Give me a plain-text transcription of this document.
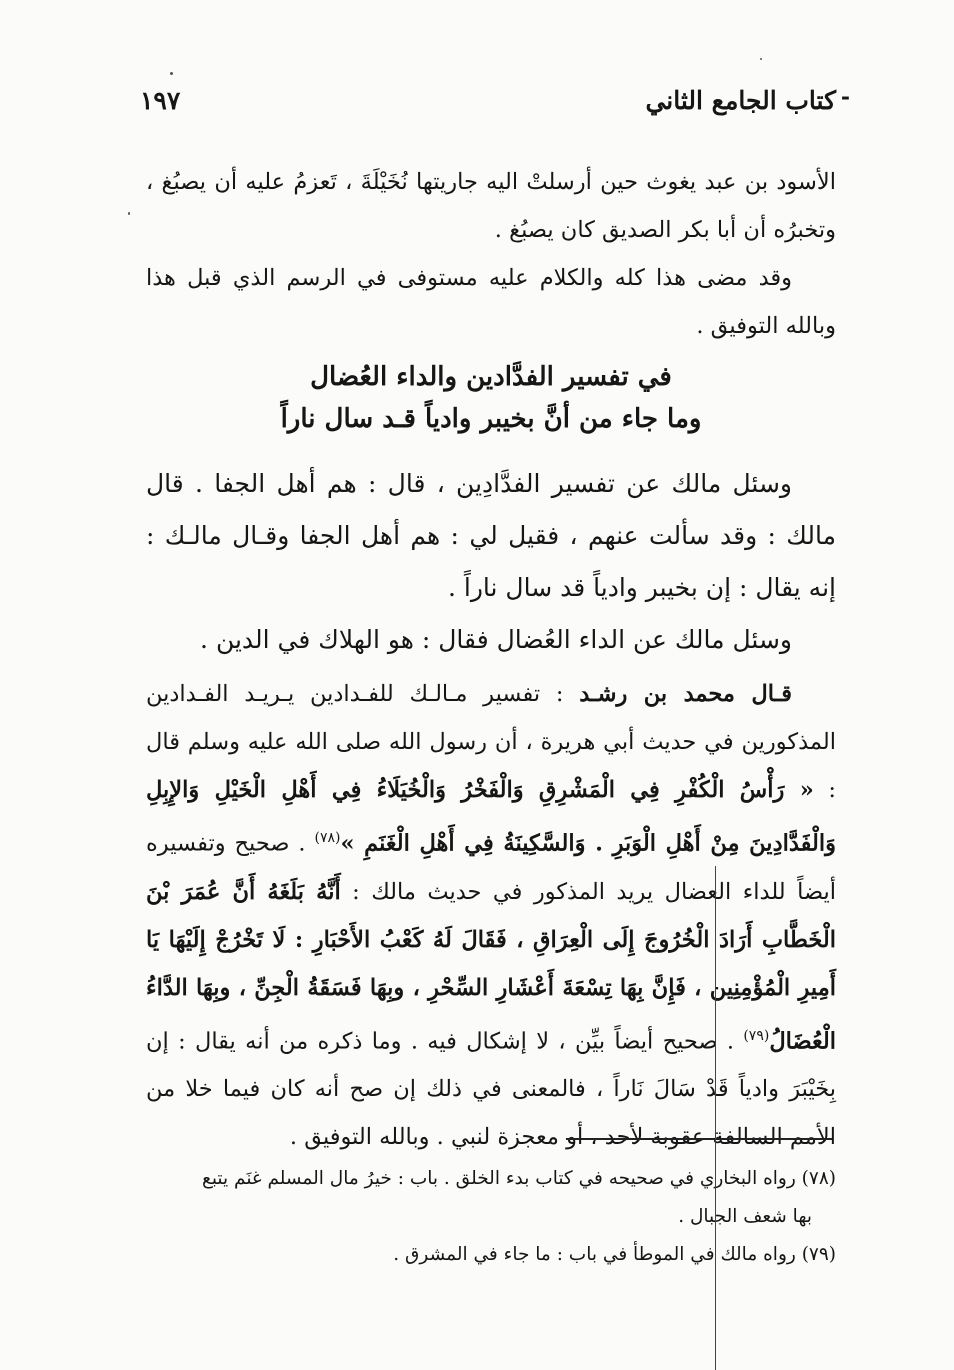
-
كتاب الجامع الثاني
١٩٧

الأسود بن عبد يغوث حين أرسلتْ اليه جاريتها نُخَيْلَةَ ، تَعزمُ عليه أن يصبُغ ، وتخبرُه أن أبا بكر الصديق كان يصبُغ .

وقد مضى هذا كله والكلام عليه مستوفى في الرسم الذي قبل هذا وبالله التوفيق .

في تفسير الفدَّادين والداء العُضال
وما جاء من أنَّ بخيبر وادياً قـد سال ناراً

وسئل مالك عن تفسير الفدَّادِين ، قال : هم أهل الجفا . قال مالك : وقد سألت عنهم ، فقيل لي : هم أهل الجفا وقـال مالـك : إنه يقال : إن بخيبر وادياً قد سال ناراً .

وسئل مالك عن الداء العُضال فقال : هو الهلاك في الدين .

قـال محمد بن رشـد : تفسير مـالـك للفـدادين يـريـد الفـدادين المذكورين في حديث أبي هريرة ، أن رسول الله صلى الله عليه وسلم قال : « رَأْسُ الْكُفْرِ فِي الْمَشْرِقِ وَالْفَخْرُ وَالْخُيَلَاءُ فِي أَهْلِ الْخَيْلِ وَالإِبِلِ وَالْفَدَّادِينَ مِنْ أَهْلِ الْوَبَرِ . وَالسَّكِينَةُ فِي أَهْلِ الْغَنَمِ »$^{(٧٨)}$ . صحيح وتفسيره أيضاً للداء العضال يريد المذكور في حديث مالك : أَنَّهُ بَلَغَهُ أَنَّ عُمَرَ بْنَ الْخَطَّابِ أَرَادَ الْخُرُوجَ إِلَى الْعِرَاقِ ، فَقَالَ لَهُ كَعْبُ الأَحْبَارِ : لَا تَخْرُجْ إِلَيْهَا يَا أَمِيرِ الْمُؤْمِنِين ، فَإِنَّ بِهَا تِسْعَةَ أَعْشَارِ السِّحْرِ ، وبِهَا فَسَقَةُ الْجِنِّ ، وبِهَا الدَّاءُ الْعُضَالُ$^{(٧٩)}$ . صحيح أيضاً بيِّن ، لا إشكال فيه . وما ذكره من أنه يقال : إن بِخَيْبَرَ وادياً قَدْ سَالَ نَاراً ، فالمعنى في ذلك إن صح أنه كان فيما خلا من الأمم السالفة عقوبة لأحد ، أو معجزة لنبي . وبالله التوفيق .

(٧٨) رواه البخاري في صحيحه في كتاب بدء الخلق . باب : خيرُ مال المسلم غنَم يتبع

بها شعف الجبال .

(٧٩) رواه مالك في الموطأ في باب : ما جاء في المشرق .
